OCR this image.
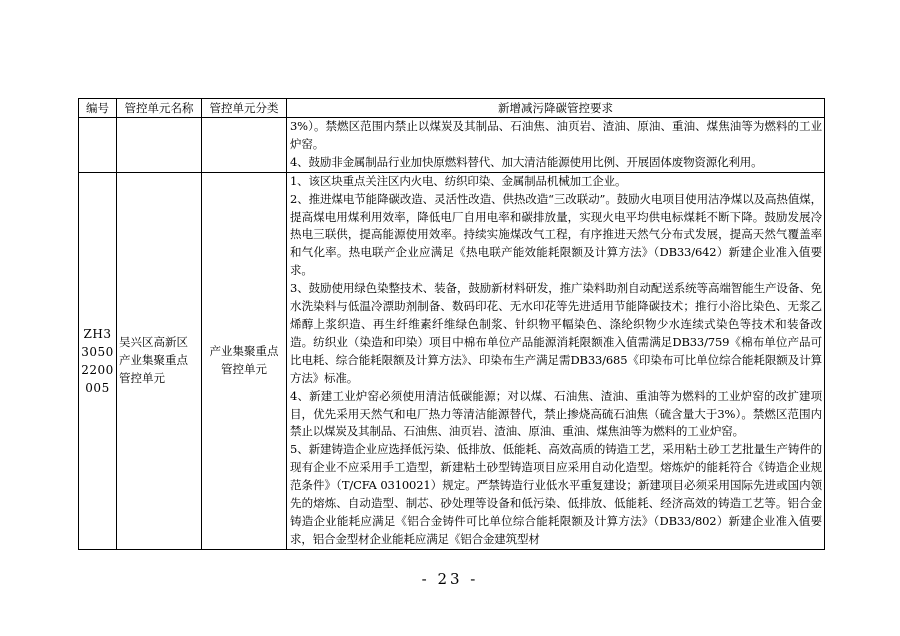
编号	管控单元名称	管控单元分类	新增减污降碳管控要求

			3%）。禁燃区范围内禁止以煤炭及其制品、石油焦、油页岩、渣油、原油、重油、煤焦油等为燃料的工业炉窑。

4、鼓励非金属制品行业加快原燃料替代、加大清洁能源使用比例、开展固体废物资源化利用。

ZH330502200005	吴兴区高新区产业集聚重点管控单元	产业集聚重点管控单元	1、该区块重点关注区内火电、纺织印染、金属制品机械加工企业。

2、推进煤电节能降碳改造、灵活性改造、供热改造“三改联动”。鼓励火电项目使用洁净煤以及高热值煤，提高煤电用煤利用效率，降低电厂自用电率和碳排放量，实现火电平均供电标煤耗不断下降。鼓励发展冷热电三联供，提高能源使用效率。持续实施煤改气工程，有序推进天然气分布式发展，提高天然气覆盖率和气化率。热电联产企业应满足《热电联产能效能耗限额及计算方法》（DB33/642）新建企业准入值要求。

3、鼓励使用绿色染整技术、装备，鼓励新材料研发，推广染料助剂自动配送系统等高端智能生产设备、免水洗染料与低温冷漂助剂制备、数码印花、无水印花等先进适用节能降碳技术；推行小浴比染色、无浆乙烯醇上浆织造、再生纤维素纤维绿色制浆、针织物平幅染色、涤纶织物少水连续式染色等技术和装备改造。纺织业（染造和印染）项目中棉布单位产品能源消耗限额准入值需满足DB33/759《棉布单位产品可比电耗、综合能耗限额及计算方法》、印染布生产满足需DB33/685《印染布可比单位综合能耗限额及计算方法》标准。

4、新建工业炉窑必须使用清洁低碳能源；对以煤、石油焦、渣油、重油等为燃料的工业炉窑的改扩建项目，优先采用天然气和电厂热力等清洁能源替代，禁止掺烧高硫石油焦（硫含量大于3%）。禁燃区范围内禁止以煤炭及其制品、石油焦、油页岩、渣油、原油、重油、煤焦油等为燃料的工业炉窑。

5、新建铸造企业应选择低污染、低排放、低能耗、高效高质的铸造工艺，采用粘土砂工艺批量生产铸件的现有企业不应采用手工造型，新建粘土砂型铸造项目应采用自动化造型。熔炼炉的能耗符合《铸造企业规范条件》（T/CFA 0310021）规定。严禁铸造行业低水平重复建设；新建项目必须采用国际先进或国内领先的熔炼、自动造型、制芯、砂处理等设备和低污染、低排放、低能耗、经济高效的铸造工艺等。铝合金铸造企业能耗应满足《铝合金铸件可比单位综合能耗限额及计算方法》（DB33/802）新建企业准入值要求，铝合金型材企业能耗应满足《铝合金建筑型材

- 23 -
